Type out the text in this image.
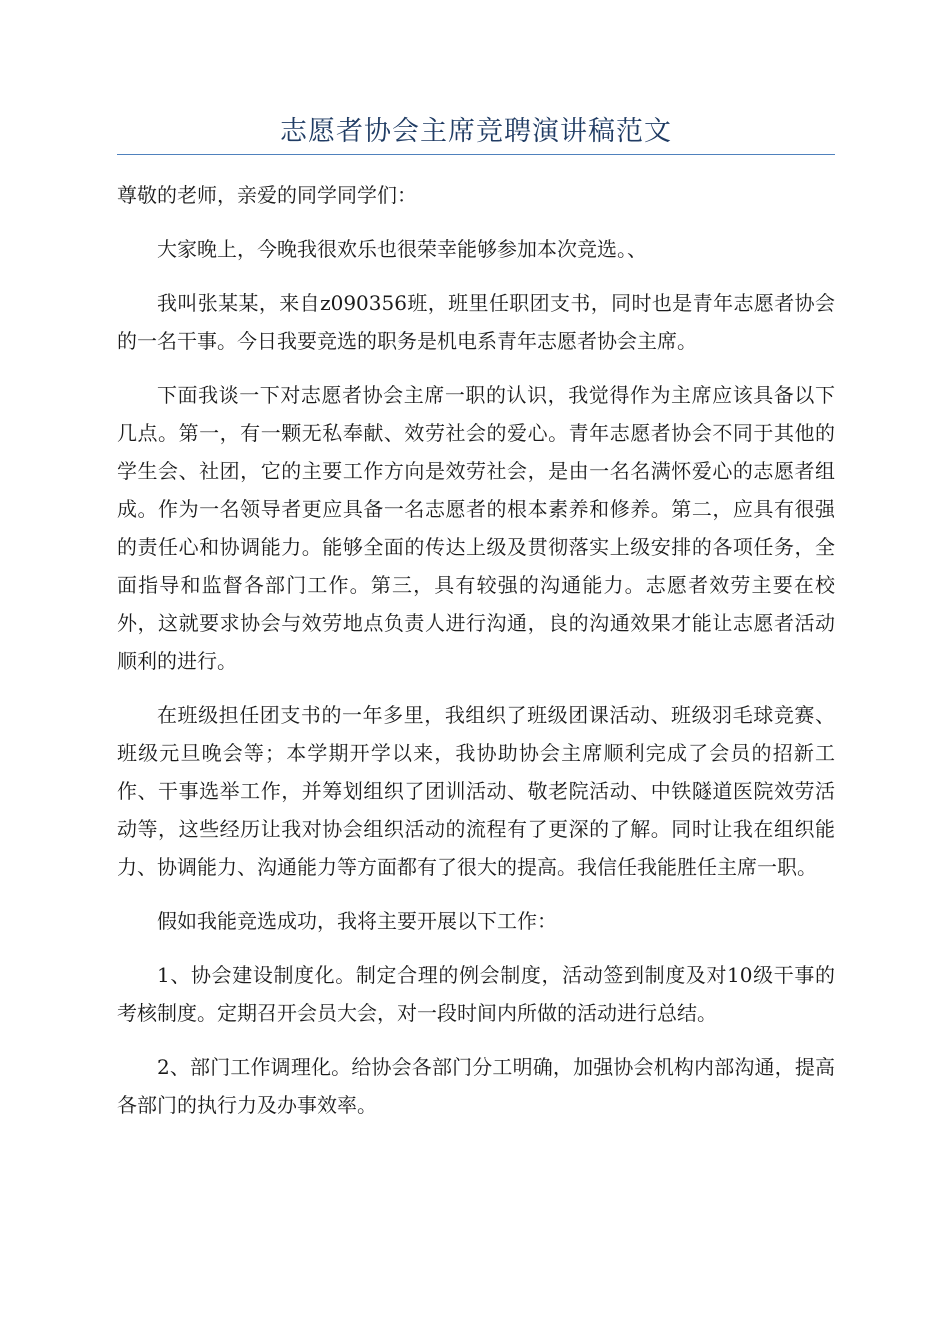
志愿者协会主席竞聘演讲稿范文

尊敬的老师，亲爱的同学同学们：

大家晚上，今晚我很欢乐也很荣幸能够参加本次竞选。、

我叫张某某，来自z090356班，班里任职团支书，同时也是青年志愿者协会的一名干事。今日我要竞选的职务是机电系青年志愿者协会主席。

下面我谈一下对志愿者协会主席一职的认识，我觉得作为主席应该具备以下几点。第一，有一颗无私奉献、效劳社会的爱心。青年志愿者协会不同于其他的学生会、社团，它的主要工作方向是效劳社会，是由一名名满怀爱心的志愿者组成。作为一名领导者更应具备一名志愿者的根本素养和修养。第二，应具有很强的责任心和协调能力。能够全面的传达上级及贯彻落实上级安排的各项任务，全面指导和监督各部门工作。第三，具有较强的沟通能力。志愿者效劳主要在校外，这就要求协会与效劳地点负责人进行沟通，良的沟通效果才能让志愿者活动顺利的进行。

在班级担任团支书的一年多里，我组织了班级团课活动、班级羽毛球竞赛、班级元旦晚会等；本学期开学以来，我协助协会主席顺利完成了会员的招新工作、干事选举工作，并筹划组织了团训活动、敬老院活动、中铁隧道医院效劳活动等，这些经历让我对协会组织活动的流程有了更深的了解。同时让我在组织能力、协调能力、沟通能力等方面都有了很大的提高。我信任我能胜任主席一职。

假如我能竞选成功，我将主要开展以下工作：

1、协会建设制度化。制定合理的例会制度，活动签到制度及对10级干事的考核制度。定期召开会员大会，对一段时间内所做的活动进行总结。

2、部门工作调理化。给协会各部门分工明确，加强协会机构内部沟通，提高各部门的执行力及办事效率。
